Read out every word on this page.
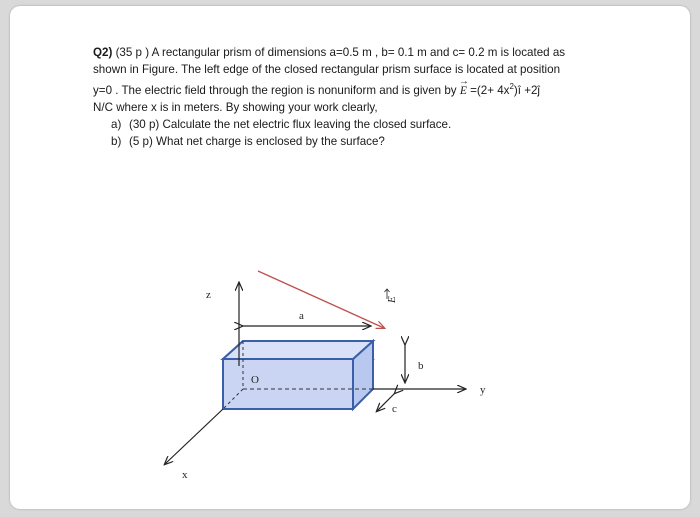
Q2) (35 p ) A rectangular prism of dimensions a=0.5 m , b= 0.1 m and c= 0.2 m is located as
shown in Figure. The left edge of the closed rectangular prism surface is located at position
y=0 . The electric field through the region is nonuniform and is given by → $E =(2+ 4x^2)î$ +2ĵ
N/C where x is in meters. By showing your work clearly,

a) (30 p) Calculate the net electric flux leaving the closed surface.
b) (5 p) What net charge is enclosed by the surface?
z
y
x
O
a
b
c
E
